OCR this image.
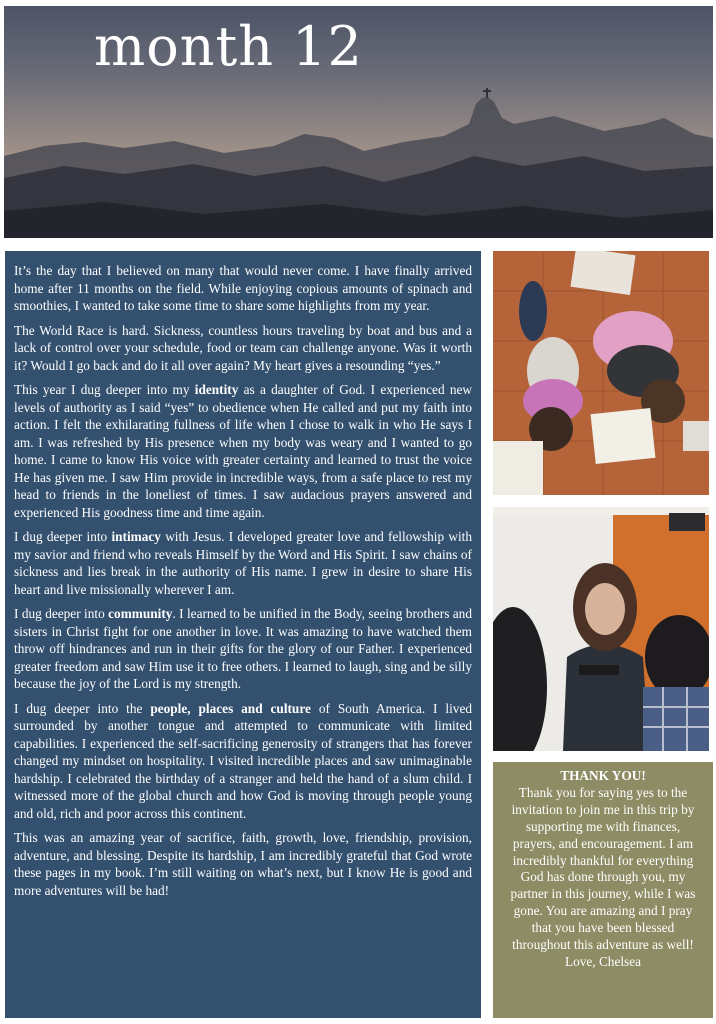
month 12

It’s the day that I believed on many that would never come. I have finally arrived home after 11 months on the field. While enjoying copious amounts of spinach and smoothies, I wanted to take some time to share some highlights from my year.

The World Race is hard. Sickness, countless hours traveling by boat and bus and a lack of control over your schedule, food or team can challenge anyone. Was it worth it? Would I go back and do it all over again? My heart gives a resounding “yes.”

This year I dug deeper into my identity as a daughter of God. I experienced new levels of authority as I said “yes” to obedience when He called and put my faith into action. I felt the exhilarating fullness of life when I chose to walk in who He says I am. I was refreshed by His presence when my body was weary and I wanted to go home. I came to know His voice with greater certainty and learned to trust the voice He has given me. I saw Him provide in incredible ways, from a safe place to rest my head to friends in the loneliest of times. I saw audacious prayers answered and experienced His goodness time and time again.

I dug deeper into intimacy with Jesus. I developed greater love and fellowship with my savior and friend who reveals Himself by the Word and His Spirit. I saw chains of sickness and lies break in the authority of His name. I grew in desire to share His heart and live missionally wherever I am.

I dug deeper into community. I learned to be unified in the Body, seeing brothers and sisters in Christ fight for one another in love. It was amazing to have watched them throw off hindrances and run in their gifts for the glory of our Father. I experienced greater freedom and saw Him use it to free others. I learned to laugh, sing and be silly because the joy of the Lord is my strength.

I dug deeper into the people, places and culture of South America. I lived surrounded by another tongue and attempted to communicate with limited capabilities. I experienced the self-sacrificing generosity of strangers that has forever changed my mindset on hospitality. I visited incredible places and saw unimaginable hardship. I celebrated the birthday of a stranger and held the hand of a slum child. I witnessed more of the global church and how God is moving through people young and old, rich and poor across this continent.

This was an amazing year of sacrifice, faith, growth, love, friendship, provision, adventure, and blessing. Despite its hardship, I am incredibly grateful that God wrote these pages in my book. I’m still waiting on what’s next, but I know He is good and more adventures will be had!

THANK YOU!
Thank you for saying yes to the invitation to join me in this trip by supporting me with finances, prayers, and encouragement. I am incredibly thankful for everything God has done through you, my partner in this journey, while I was gone. You are amazing and I pray that you have been blessed throughout this adventure as well!
Love, Chelsea
